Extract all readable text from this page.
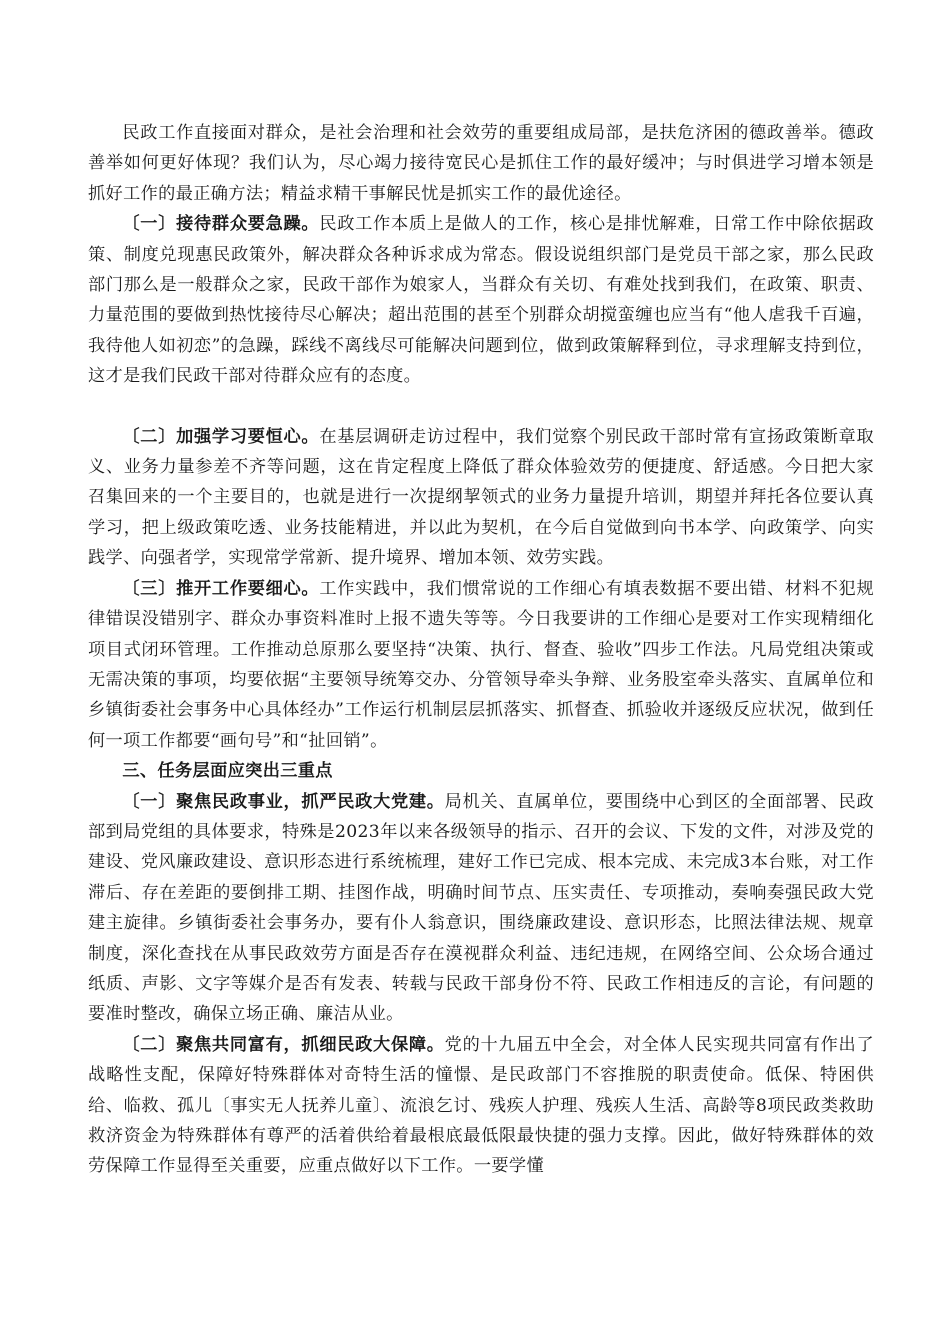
民政工作直接面对群众，是社会治理和社会效劳的重要组成局部，是扶危济困的德政善举。德政善举如何更好体现？我们认为，尽心竭力接待宽民心是抓住工作的最好缓冲；与时俱进学习增本领是抓好工作的最正确方法；精益求精干事解民忧是抓实工作的最优途径。

〔一〕接待群众要急躁。民政工作本质上是做人的工作，核心是排忧解难，日常工作中除依据政策、制度兑现惠民政策外，解决群众各种诉求成为常态。假设说组织部门是党员干部之家，那么民政部门那么是一般群众之家，民政干部作为娘家人，当群众有关切、有难处找到我们，在政策、职责、力量范围的要做到热忱接待尽心解决；超出范围的甚至个别群众胡搅蛮缠也应当有“他人虐我千百遍，我待他人如初恋”的急躁，踩线不离线尽可能解决问题到位，做到政策解释到位，寻求理解支持到位，这才是我们民政干部对待群众应有的态度。

〔二〕加强学习要恒心。在基层调研走访过程中，我们觉察个别民政干部时常有宣扬政策断章取义、业务力量参差不齐等问题，这在肯定程度上降低了群众体验效劳的便捷度、舒适感。今日把大家召集回来的一个主要目的，也就是进行一次提纲挈领式的业务力量提升培训，期望并拜托各位要认真学习，把上级政策吃透、业务技能精进，并以此为契机，在今后自觉做到向书本学、向政策学、向实践学、向强者学，实现常学常新、提升境界、增加本领、效劳实践。

〔三〕推开工作要细心。工作实践中，我们惯常说的工作细心有填表数据不要出错、材料不犯规律错误没错别字、群众办事资料准时上报不遗失等等。今日我要讲的工作细心是要对工作实现精细化项目式闭环管理。工作推动总原那么要坚持“决策、执行、督查、验收”四步工作法。凡局党组决策或无需决策的事项，均要依据“主要领导统筹交办、分管领导牵头争辩、业务股室牵头落实、直属单位和乡镇街委社会事务中心具体经办”工作运行机制层层抓落实、抓督查、抓验收并逐级反应状况，做到任何一项工作都要“画句号”和“扯回销”。

三、任务层面应突出三重点

〔一〕聚焦民政事业，抓严民政大党建。局机关、直属单位，要围绕中心到区的全面部署、民政部到局党组的具体要求，特殊是2023年以来各级领导的指示、召开的会议、下发的文件，对涉及党的建设、党风廉政建设、意识形态进行系统梳理，建好工作已完成、根本完成、未完成3本台账，对工作滞后、存在差距的要倒排工期、挂图作战，明确时间节点、压实责任、专项推动，奏响奏强民政大党建主旋律。乡镇街委社会事务办，要有仆人翁意识，围绕廉政建设、意识形态，比照法律法规、规章制度，深化查找在从事民政效劳方面是否存在漠视群众利益、违纪违规，在网络空间、公众场合通过纸质、声影、文字等媒介是否有发表、转载与民政干部身份不符、民政工作相违反的言论，有问题的要准时整改，确保立场正确、廉洁从业。

〔二〕聚焦共同富有，抓细民政大保障。党的十九届五中全会，对全体人民实现共同富有作出了战略性支配，保障好特殊群体对奇特生活的憧憬、是民政部门不容推脱的职责使命。低保、特困供给、临救、孤儿〔事实无人抚养儿童〕、流浪乞讨、残疾人护理、残疾人生活、高龄等8项民政类救助救济资金为特殊群体有尊严的活着供给着最根底最低限最快捷的强力支撑。因此，做好特殊群体的效劳保障工作显得至关重要，应重点做好以下工作。一要学懂
